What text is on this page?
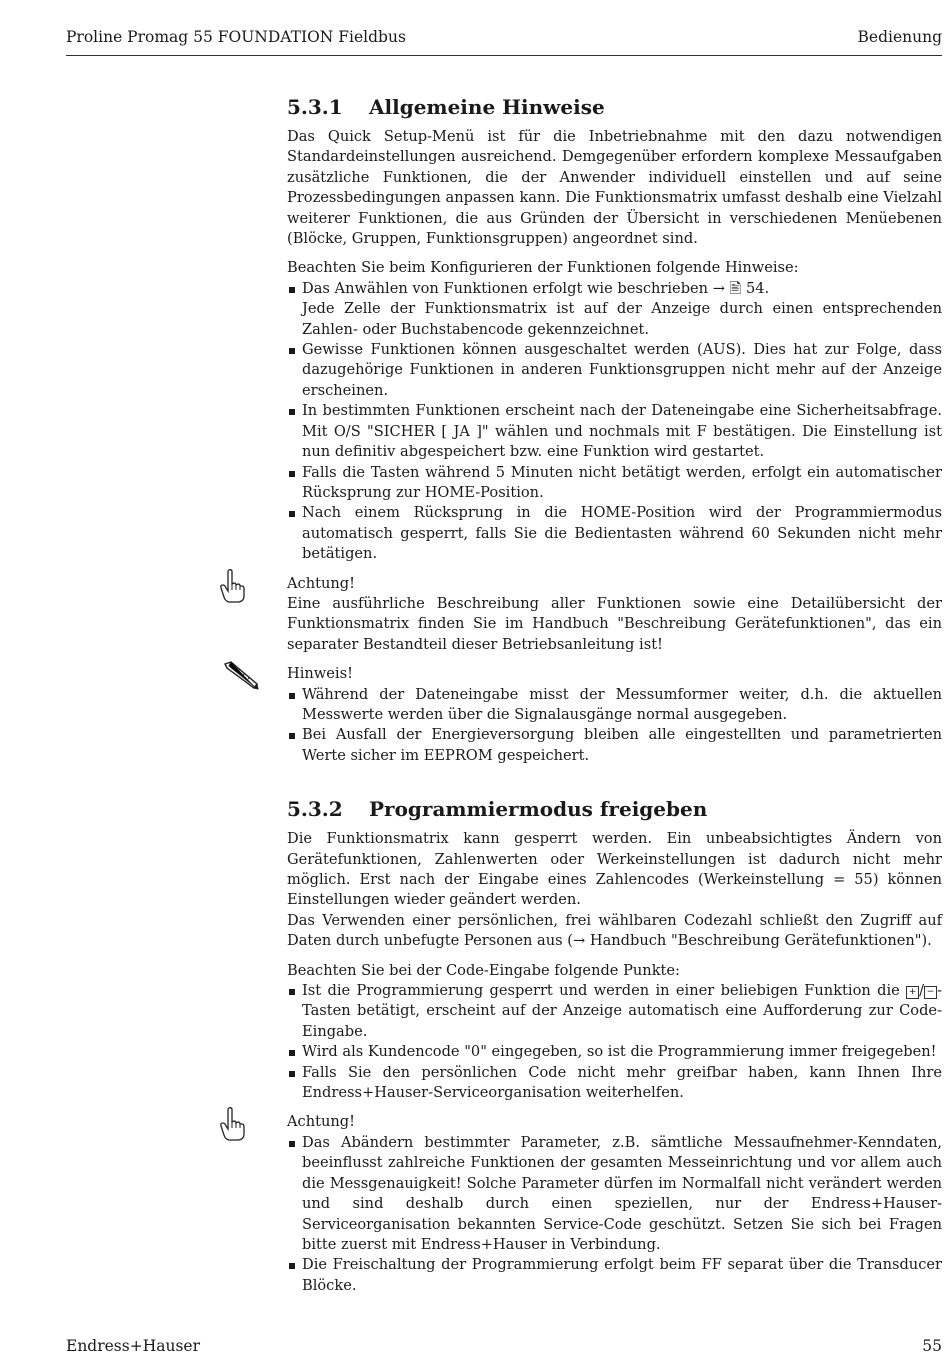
Proline Promag 55 FOUNDATION Fieldbus	Bedienung
5.3.1	Allgemeine Hinweise

Das Quick Setup-Menü ist für die Inbetriebnahme mit den dazu notwendigen Standardeinstellungen ausreichend. Demgegenüber erfordern komplexe Messaufgaben zusätzliche Funktionen, die der Anwender individuell einstellen und auf seine Prozessbedingungen anpassen kann. Die Funktionsmatrix umfasst deshalb eine Vielzahl weiterer Funktionen, die aus Gründen der Übersicht in verschiedenen Menüebenen (Blöcke, Gruppen, Funktionsgruppen) angeordnet sind.

Beachten Sie beim Konfigurieren der Funktionen folgende Hinweise:

Das Anwählen von Funktionen erfolgt wie beschrieben → 🖹 54.
Jede Zelle der Funktionsmatrix ist auf der Anzeige durch einen entsprechenden Zahlen- oder Buchstabencode gekennzeichnet.
Gewisse Funktionen können ausgeschaltet werden (AUS). Dies hat zur Folge, dass dazugehörige Funktionen in anderen Funktionsgruppen nicht mehr auf der Anzeige erscheinen.
In bestimmten Funktionen erscheint nach der Dateneingabe eine Sicherheitsabfrage. Mit O/S "SICHER [ JA ]" wählen und nochmals mit F bestätigen. Die Einstellung ist nun definitiv abgespeichert bzw. eine Funktion wird gestartet.
Falls die Tasten während 5 Minuten nicht betätigt werden, erfolgt ein automatischer Rücksprung zur HOME-Position.
Nach einem Rücksprung in die HOME-Position wird der Programmiermodus automatisch gesperrt, falls Sie die Bedientasten während 60 Sekunden nicht mehr betätigen.

Achtung!

Eine ausführliche Beschreibung aller Funktionen sowie eine Detailübersicht der Funktionsmatrix finden Sie im Handbuch "Beschreibung Gerätefunktionen", das ein separater Bestandteil dieser Betriebsanleitung ist!

Hinweis!

Während der Dateneingabe misst der Messumformer weiter, d.h. die aktuellen Messwerte werden über die Signalausgänge normal ausgegeben.
Bei Ausfall der Energieversorgung bleiben alle eingestellten und parametrierten Werte sicher im EEPROM gespeichert.
5.3.2	Programmiermodus freigeben

Die Funktionsmatrix kann gesperrt werden. Ein unbeabsichtigtes Ändern von Gerätefunktionen, Zahlenwerten oder Werkeinstellungen ist dadurch nicht mehr möglich. Erst nach der Eingabe eines Zahlencodes (Werkeinstellung = 55) können Einstellungen wieder geändert werden.

Das Verwenden einer persönlichen, frei wählbaren Codezahl schließt den Zugriff auf Daten durch unbefugte Personen aus (→ Handbuch "Beschreibung Gerätefunktionen").

Beachten Sie bei der Code-Eingabe folgende Punkte:

Ist die Programmierung gesperrt und werden in einer beliebigen Funktion die + / − -Tasten betätigt, erscheint auf der Anzeige automatisch eine Aufforderung zur Code-Eingabe.
Wird als Kundencode "0" eingegeben, so ist die Programmierung immer freigegeben!
Falls Sie den persönlichen Code nicht mehr greifbar haben, kann Ihnen Ihre Endress+Hauser-Serviceorganisation weiterhelfen.

Achtung!

Das Abändern bestimmter Parameter, z.B. sämtliche Messaufnehmer-Kenndaten, beeinflusst zahlreiche Funktionen der gesamten Messeinrichtung und vor allem auch die Messgenauigkeit! Solche Parameter dürfen im Normalfall nicht verändert werden und sind deshalb durch einen speziellen, nur der Endress+Hauser-Serviceorganisation bekannten Service-Code geschützt. Setzen Sie sich bei Fragen bitte zuerst mit Endress+Hauser in Verbindung.
Die Freischaltung der Programmierung erfolgt beim FF separat über die Transducer Blöcke.
Endress+Hauser	55
